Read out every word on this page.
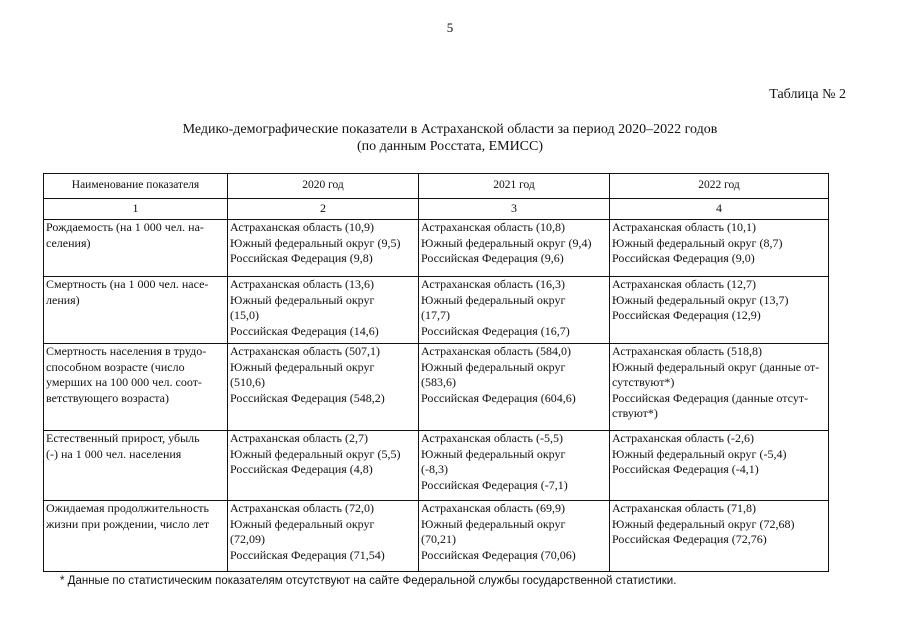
5
Таблица № 2
Медико-демографические показатели в Астраханской области за период 2020–2022 годов
(по данным Росстата, ЕМИСС)
Наименование показателя	2020 год	2021 год	2022 год
1	2	3	4

Рождаемость (на 1 000 чел. на-
селения)	Астраханская область (10,9)
Южный федеральный округ (9,5)
Российская Федерация (9,8)	Астраханская область (10,8)
Южный федеральный округ (9,4)
Российская Федерация (9,6)	Астраханская область (10,1)
Южный федеральный округ (8,7)
Российская Федерация (9,0)

Смертность (на 1 000 чел. насе-
ления)	Астраханская область (13,6)
Южный федеральный округ
(15,0)
Российская Федерация (14,6)	Астраханская область (16,3)
Южный федеральный округ
(17,7)
Российская Федерация (16,7)	Астраханская область (12,7)
Южный федеральный округ (13,7)
Российская Федерация (12,9)

Смертность населения в трудо-
способном возрасте (число
умерших на 100 000 чел. соот-
ветствующего возраста)	Астраханская область (507,1)
Южный федеральный округ
(510,6)
Российская Федерация (548,2)	Астраханская область (584,0)
Южный федеральный округ
(583,6)
Российская Федерация (604,6)	Астраханская область (518,8)
Южный федеральный округ (данные от-
сутствуют*)
Российская Федерация (данные отсут-
ствуют*)

Естественный прирост, убыль
(-) на 1 000 чел. населения	Астраханская область (2,7)
Южный федеральный округ (5,5)
Российская Федерация (4,8)	Астраханская область (-5,5)
Южный федеральный округ
(-8,3)
Российская Федерация (-7,1)	Астраханская область (-2,6)
Южный федеральный округ (-5,4)
Российская Федерация (-4,1)

Ожидаемая продолжительность
жизни при рождении, число лет	Астраханская область (72,0)
Южный федеральный округ
(72,09)
Российская Федерация (71,54)	Астраханская область (69,9)
Южный федеральный округ
(70,21)
Российская Федерация (70,06)	Астраханская область (71,8)
Южный федеральный округ (72,68)
Российская Федерация (72,76)
* Данные по статистическим показателям отсутствуют на сайте Федеральной службы государственной статистики.
